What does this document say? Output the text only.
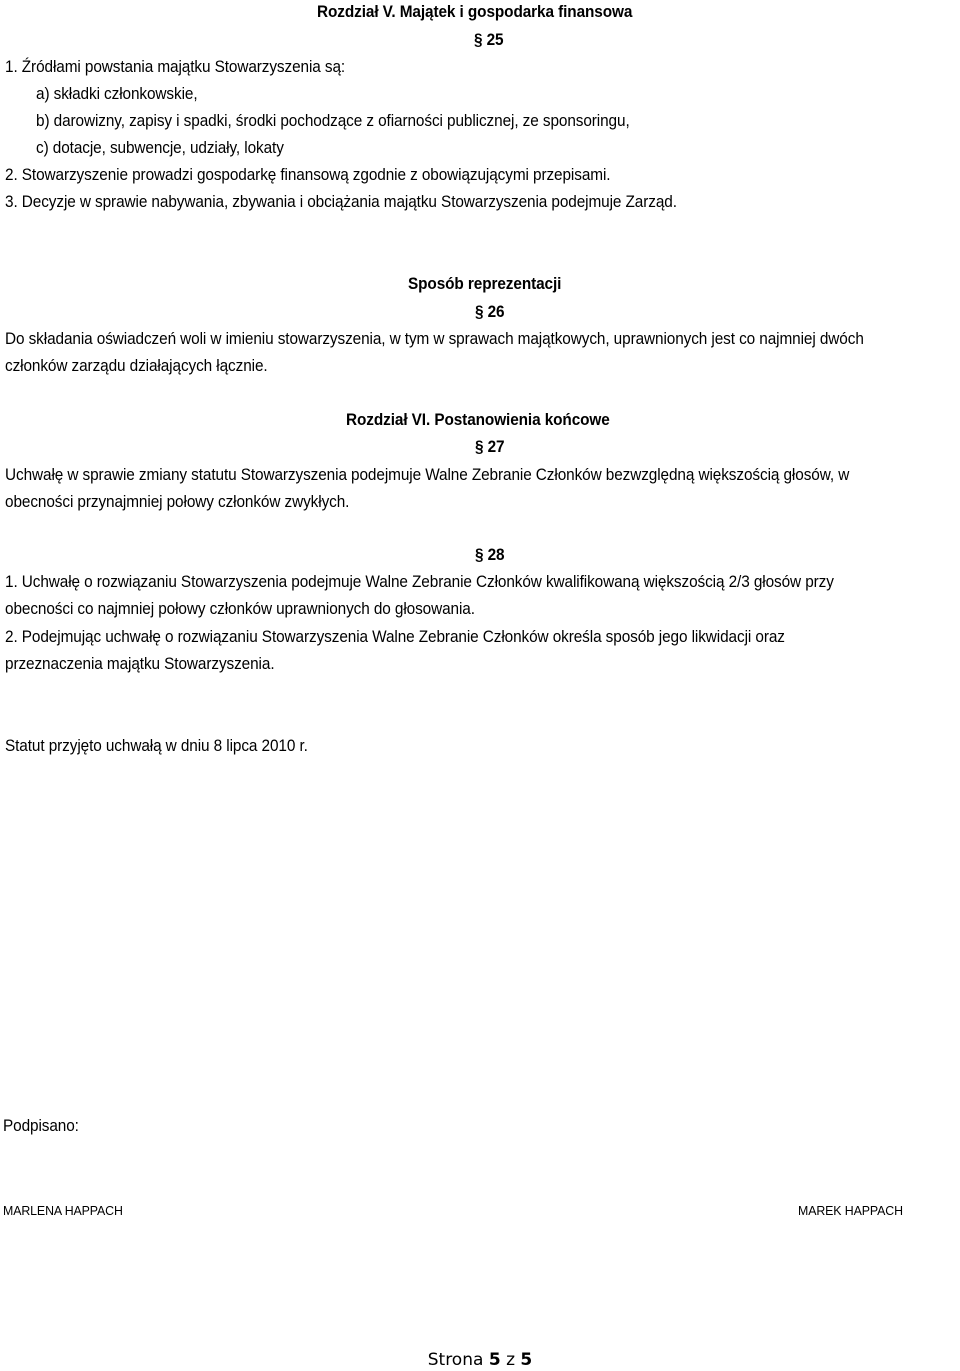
Rozdział V. Majątek i gospodarka finansowa
§ 25
1. Źródłami powstania majątku Stowarzyszenia są:
a) składki członkowskie,
b) darowizny, zapisy i spadki, środki pochodzące z ofiarności publicznej, ze sponsoringu,
c) dotacje, subwencje, udziały, lokaty
2. Stowarzyszenie prowadzi gospodarkę finansową zgodnie z obowiązującymi przepisami.
3. Decyzje w sprawie nabywania, zbywania i obciążania majątku Stowarzyszenia podejmuje Zarząd.
Sposób reprezentacji
§ 26
Do składania oświadczeń woli w imieniu stowarzyszenia, w tym w sprawach majątkowych, uprawnionych jest co najmniej dwóch
członków zarządu działających łącznie.
Rozdział VI. Postanowienia końcowe
§ 27
Uchwałę w sprawie zmiany statutu Stowarzyszenia podejmuje Walne Zebranie Członków bezwzględną większością głosów, w
obecności przynajmniej połowy członków zwykłych.
§ 28
1. Uchwałę o rozwiązaniu Stowarzyszenia podejmuje Walne Zebranie Członków kwalifikowaną większością 2/3 głosów przy
obecności co najmniej połowy członków uprawnionych do głosowania.
2. Podejmując uchwałę o rozwiązaniu Stowarzyszenia Walne Zebranie Członków określa sposób jego likwidacji oraz
przeznaczenia majątku Stowarzyszenia.
Statut przyjęto uchwałą w dniu 8 lipca 2010 r.
Podpisano:
MARLENA HAPPACH	MAREK HAPPACH
Strona 5 z 5
